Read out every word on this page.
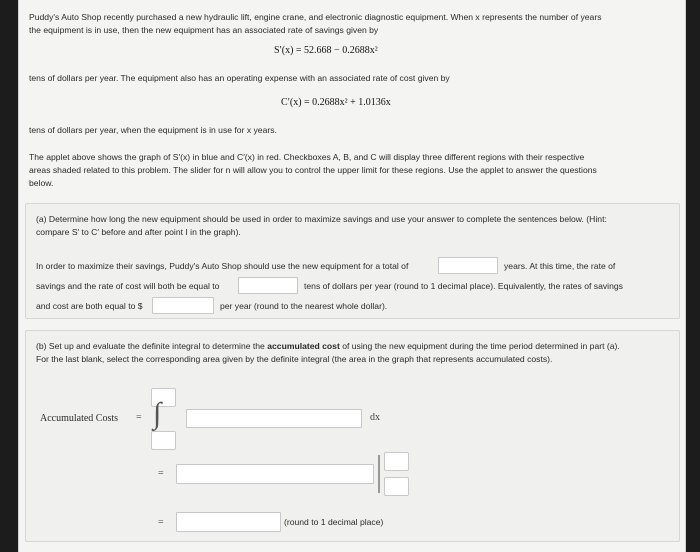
Puddy's Auto Shop recently purchased a new hydraulic lift, engine crane, and electronic diagnostic equipment. When x represents the number of years
the equipment is in use, then the new equipment has an associated rate of savings given by
S′(x) = 52.668 − 0.2688x²
tens of dollars per year. The equipment also has an operating expense with an associated rate of cost given by
C′(x) = 0.2688x² + 1.0136x
tens of dollars per year, when the equipment is in use for x years.
The applet above shows the graph of S′(x) in blue and C′(x) in red. Checkboxes A, B, and C will display three different regions with their respective
areas shaded related to this problem. The slider for n will allow you to control the upper limit for these regions. Use the applet to answer the questions
below.
(a) Determine how long the new equipment should be used in order to maximize savings and use your answer to complete the sentences below. (Hint:
compare S′ to C′ before and after point I in the graph).
In order to maximize their savings, Puddy's Auto Shop should use the new equipment for a total of	years. At this time, the rate of
savings and the rate of cost will both be equal to	tens of dollars per year (round to 1 decimal place). Equivalently, the rates of savings
and cost are both equal to $	per year (round to the nearest whole dollar).
(b) Set up and evaluate the definite integral to determine the accumulated cost of using the new equipment during the time period determined in part (a).
For the last blank, select the corresponding area given by the definite integral (the area in the graph that represents accumulated costs).
Accumulated Costs = ∫	dx
=
=	(round to 1 decimal place)
